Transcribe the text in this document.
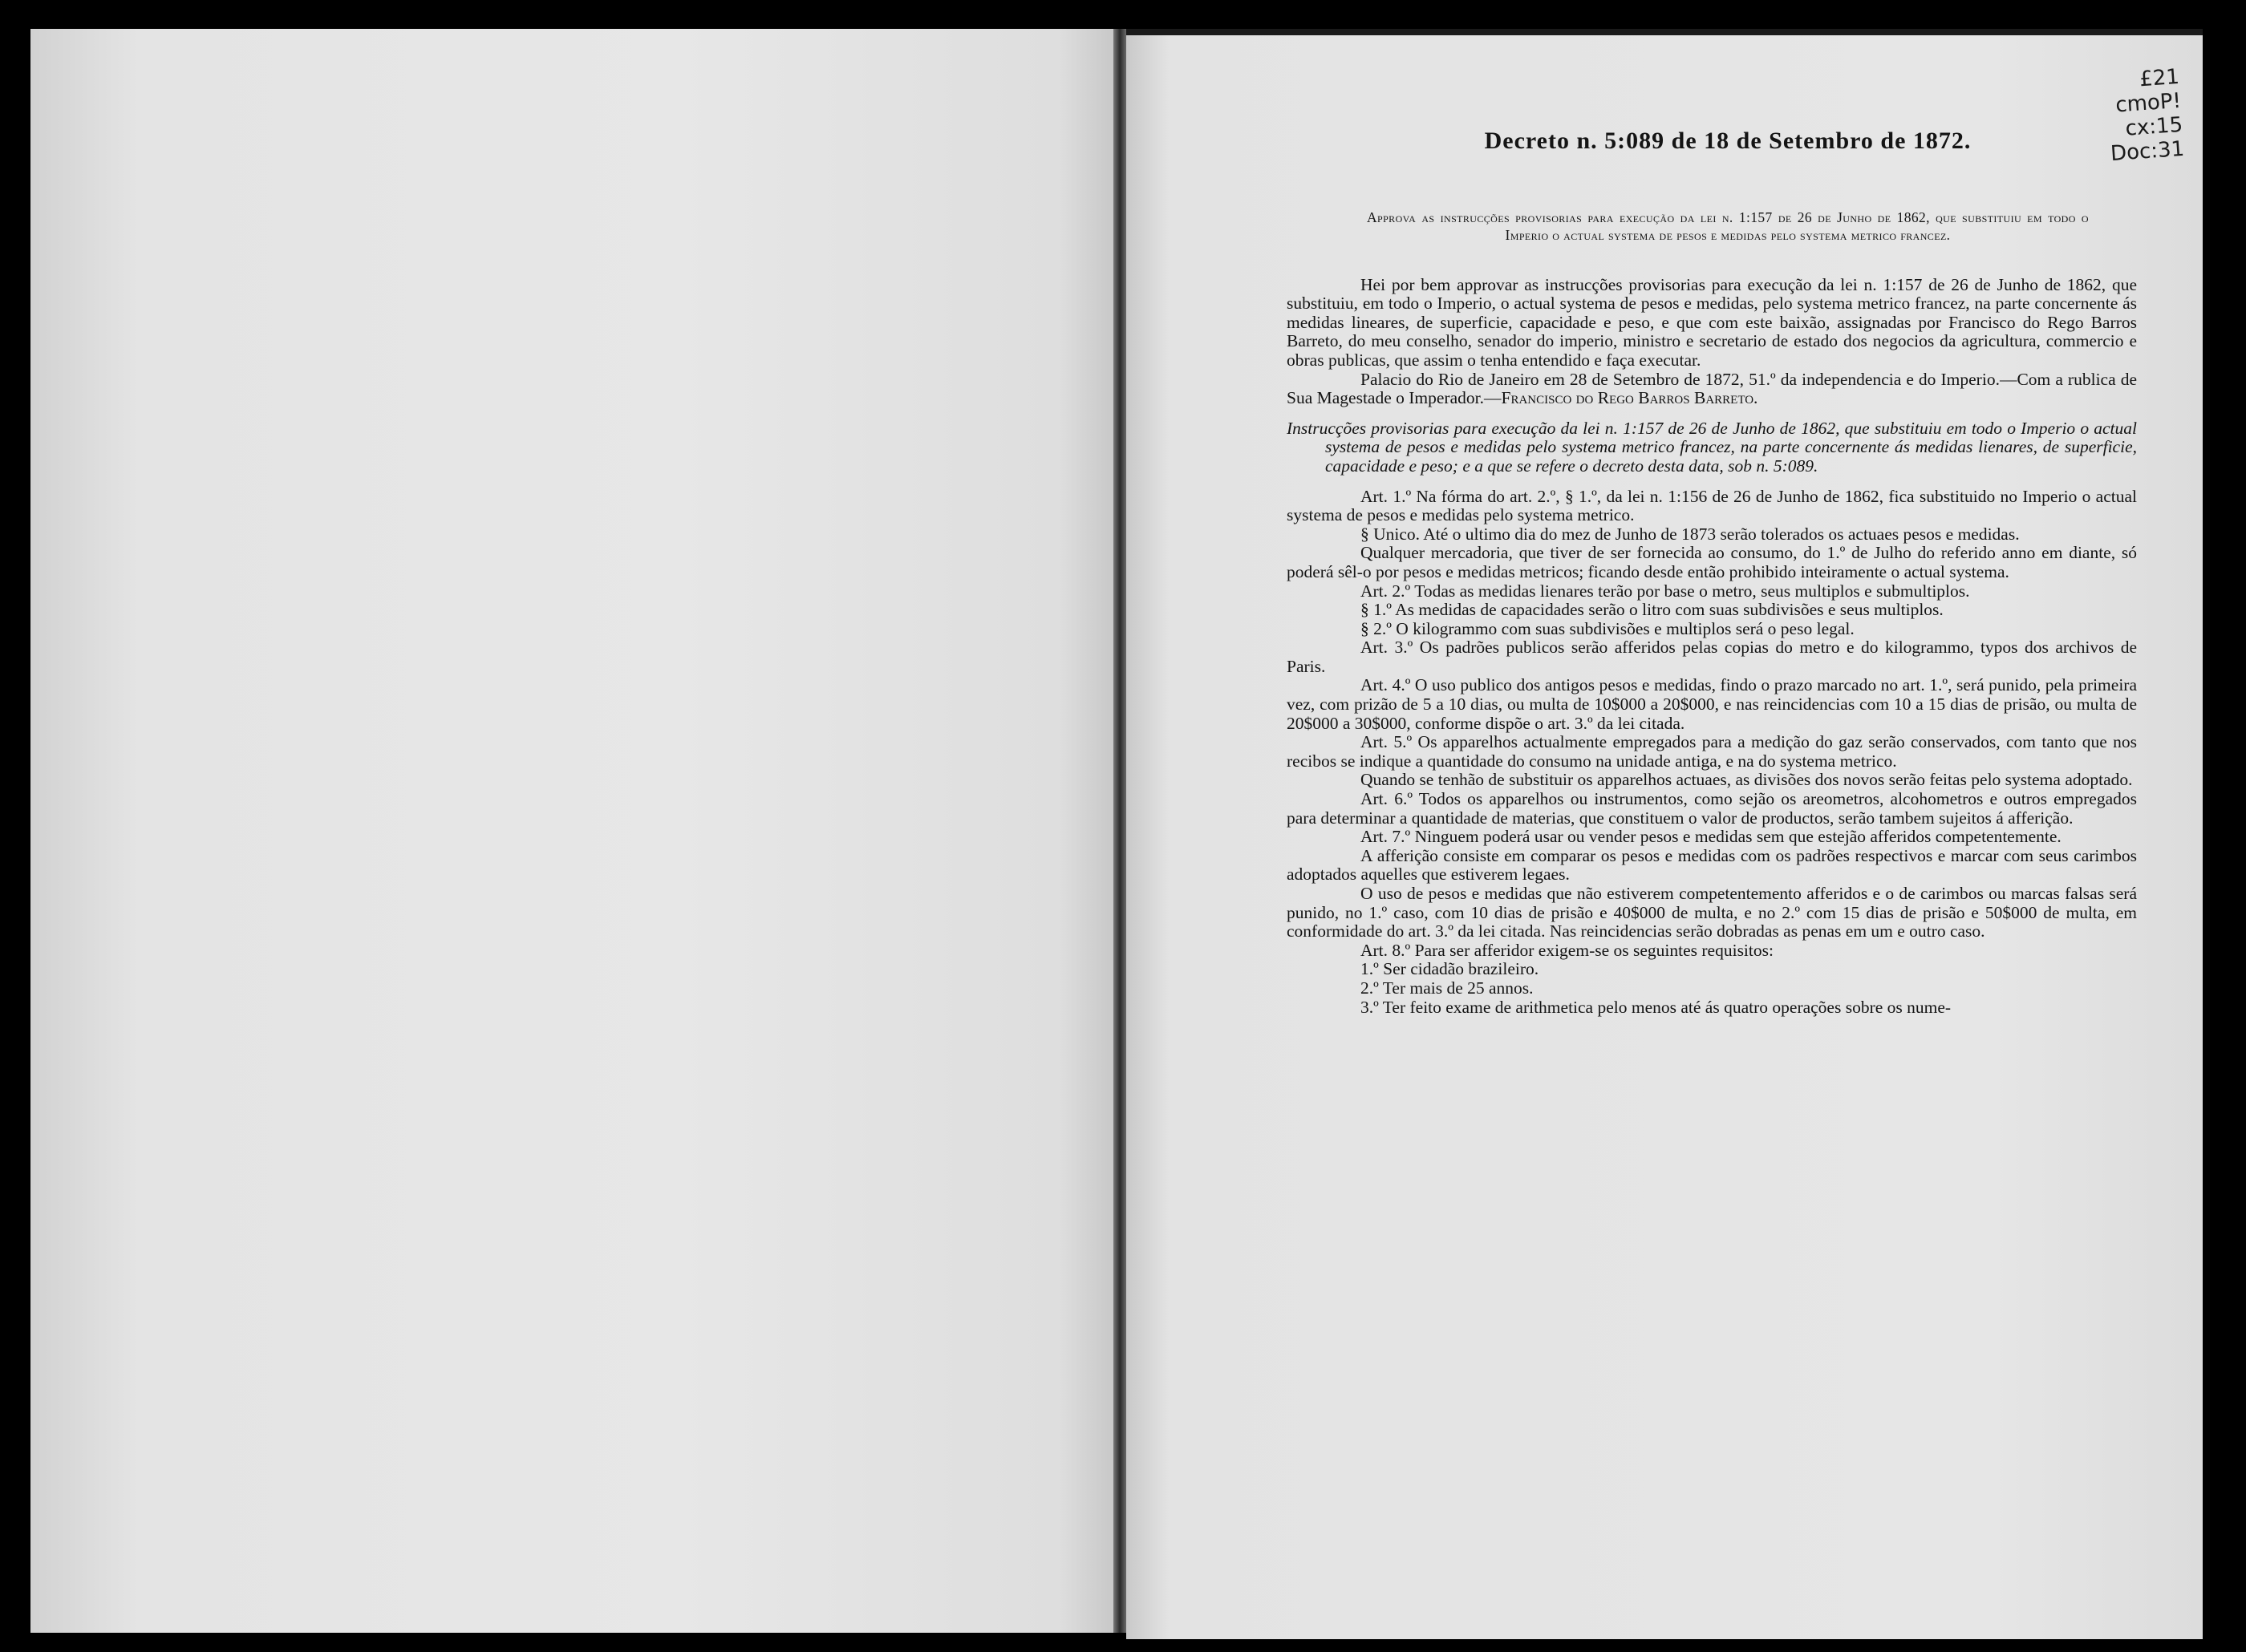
£21
cmoP!
cx:15
Doc:31
Decreto n. 5:089 de 18 de Setembro de 1872.
Approva as instrucções provisorias para execução da lei n. 1:157 de 26 de Junho de 1862, que substituiu em todo o Imperio o actual systema de pesos e medidas pelo systema metrico francez.

Hei por bem approvar as instrucções provisorias para execução da lei n. 1:157 de 26 de Junho de 1862, que substituiu, em todo o Imperio, o actual systema de pesos e medidas, pelo systema metrico francez, na parte concernente ás medidas lineares, de superficie, capacidade e peso, e que com este baixão, assignadas por Francisco do Rego Barros Barreto, do meu conselho, senador do imperio, ministro e secretario de estado dos negocios da agricultura, commercio e obras publicas, que assim o tenha entendido e faça executar.

Palacio do Rio de Janeiro em 28 de Setembro de 1872, 51.º da independencia e do Imperio.—Com a rublica de Sua Magestade o Imperador.—Francisco do Rego Barros Barreto.

Instrucções provisorias para execução da lei n. 1:157 de 26 de Junho de 1862, que substituiu em todo o Imperio o actual systema de pesos e medidas pelo systema metrico francez, na parte concernente ás medidas lienares, de superficie, capacidade e peso; e a que se refere o decreto desta data, sob n. 5:089.

Art. 1.º Na fórma do art. 2.º, § 1.º, da lei n. 1:156 de 26 de Junho de 1862, fica substituido no Imperio o actual systema de pesos e medidas pelo systema metrico.

§ Unico. Até o ultimo dia do mez de Junho de 1873 serão tolerados os actuaes pesos e medidas.

Qualquer mercadoria, que tiver de ser fornecida ao consumo, do 1.º de Julho do referido anno em diante, só poderá sêl-o por pesos e medidas metricos; ficando desde então prohibido inteiramente o actual systema.

Art. 2.º Todas as medidas lienares terão por base o metro, seus multiplos e submultiplos.

§ 1.º As medidas de capacidades serão o litro com suas subdivisões e seus multiplos.

§ 2.º O kilogrammo com suas subdivisões e multiplos será o peso legal.

Art. 3.º Os padrões publicos serão afferidos pelas copias do metro e do kilogrammo, typos dos archivos de Paris.

Art. 4.º O uso publico dos antigos pesos e medidas, findo o prazo marcado no art. 1.º, será punido, pela primeira vez, com prizão de 5 a 10 dias, ou multa de 10$000 a 20$000, e nas reincidencias com 10 a 15 dias de prisão, ou multa de 20$000 a 30$000, conforme dispõe o art. 3.º da lei citada.

Art. 5.º Os apparelhos actualmente empregados para a medição do gaz serão conservados, com tanto que nos recibos se indique a quantidade do consumo na unidade antiga, e na do systema metrico.

Quando se tenhão de substituir os apparelhos actuaes, as divisões dos novos serão feitas pelo systema adoptado.

Art. 6.º Todos os apparelhos ou instrumentos, como sejão os areometros, alcohometros e outros empregados para determinar a quantidade de materias, que constituem o valor de productos, serão tambem sujeitos á afferição.

Art. 7.º Ninguem poderá usar ou vender pesos e medidas sem que estejão afferidos competentemente.

A afferição consiste em comparar os pesos e medidas com os padrões respectivos e marcar com seus carimbos adoptados aquelles que estiverem legaes.

O uso de pesos e medidas que não estiverem competentemento afferidos e o de carimbos ou marcas falsas será punido, no 1.º caso, com 10 dias de prisão e 40$000 de multa, e no 2.º com 15 dias de prisão e 50$000 de multa, em conformidade do art. 3.º da lei citada. Nas reincidencias serão dobradas as penas em um e outro caso.

Art. 8.º Para ser afferidor exigem-se os seguintes requisitos:

1.º Ser cidadão brazileiro.

2.º Ter mais de 25 annos.

3.º Ter feito exame de arithmetica pelo menos até ás quatro operações sobre os nume-
